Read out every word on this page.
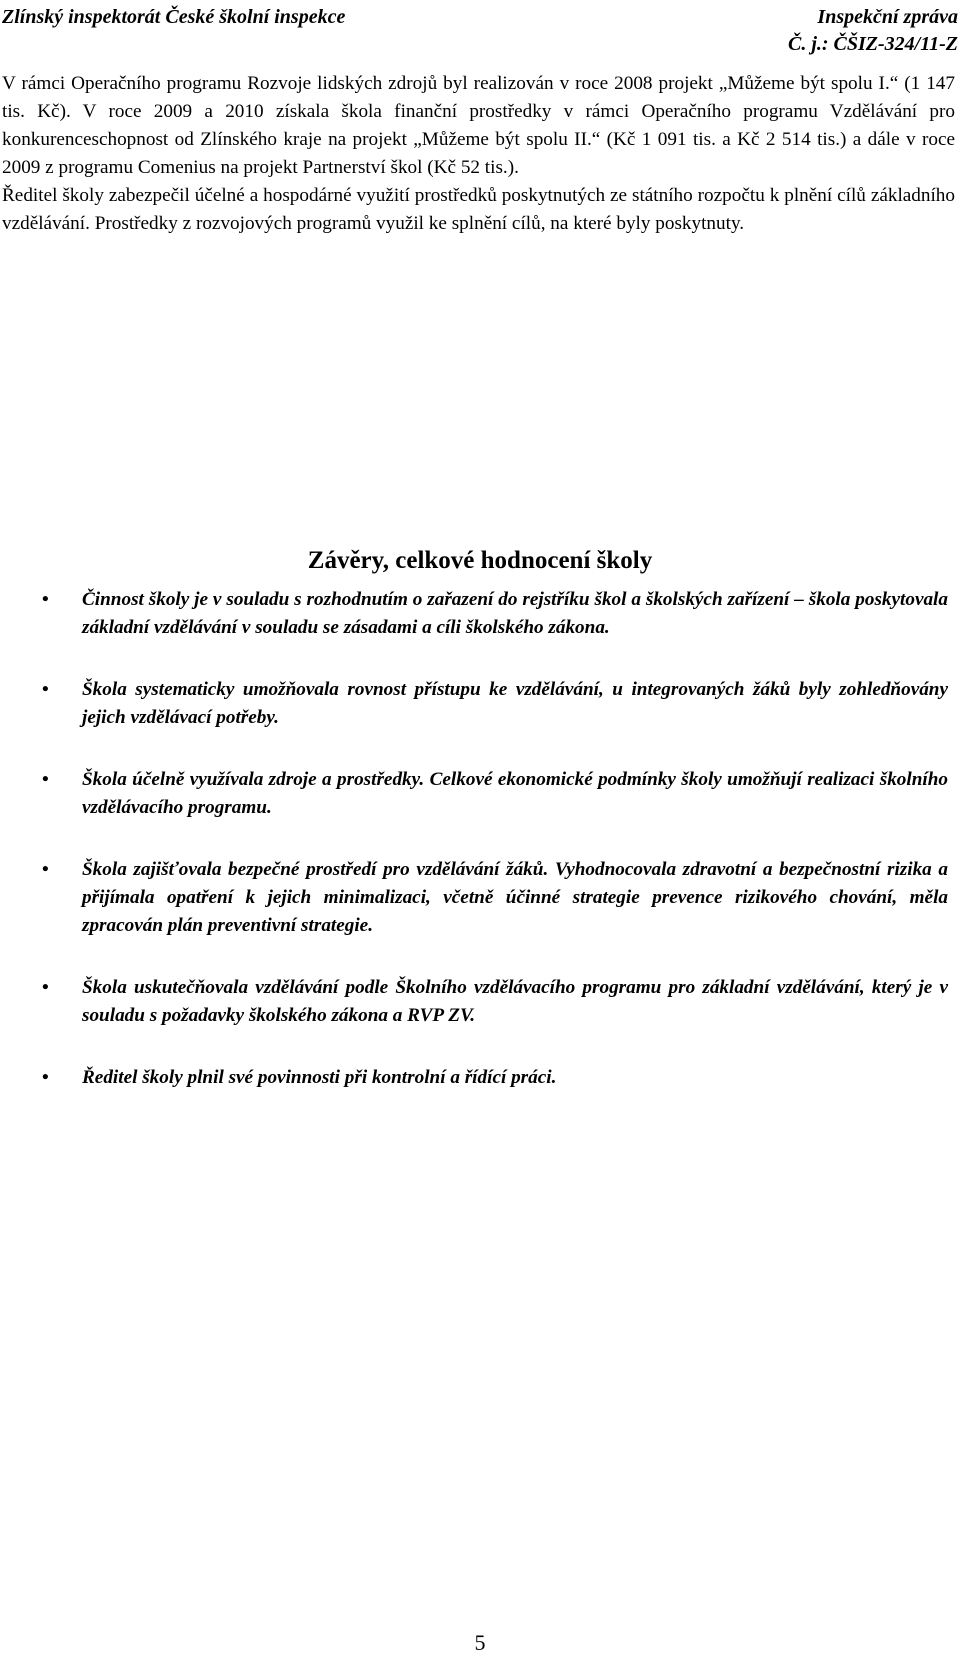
Zlínský inspektorát České školní inspekce	Inspekční zpráva
Č. j.: ČŠIZ-324/11-Z

V rámci Operačního programu Rozvoje lidských zdrojů byl realizován v roce 2008 projekt „Můžeme být spolu I.“ (1 147 tis. Kč). V roce 2009 a 2010 získala škola finanční prostředky v rámci Operačního programu Vzdělávání pro konkurenceschopnost od Zlínského kraje na projekt „Můžeme být spolu II.“ (Kč 1 091 tis. a Kč 2 514 tis.) a dále v roce 2009 z programu Comenius na projekt Partnerství škol (Kč 52 tis.).

Ředitel školy zabezpečil účelné a hospodárné využití prostředků poskytnutých ze státního rozpočtu k plnění cílů základního vzdělávání. Prostředky z rozvojových programů využil ke splnění cílů, na které byly poskytnuty.

Závěry, celkové hodnocení školy
• Činnost školy je v souladu s rozhodnutím o zařazení do rejstříku škol a školských zařízení – škola poskytovala základní vzdělávání v souladu se zásadami a cíli školského zákona.
• Škola systematicky umožňovala rovnost přístupu ke vzdělávání, u integrovaných žáků byly zohledňovány jejich vzdělávací potřeby.
• Škola účelně využívala zdroje a prostředky. Celkové ekonomické podmínky školy umožňují realizaci školního vzdělávacího programu.
• Škola zajišťovala bezpečné prostředí pro vzdělávání žáků. Vyhodnocovala zdravotní a bezpečnostní rizika a přijímala opatření k jejich minimalizaci, včetně účinné strategie prevence rizikového chování, měla zpracován plán preventivní strategie.
• Škola uskutečňovala vzdělávání podle Školního vzdělávacího programu pro základní vzdělávání, který je v souladu s požadavky školského zákona a RVP ZV.
• Ředitel školy plnil své povinnosti při kontrolní a řídící práci.
5
